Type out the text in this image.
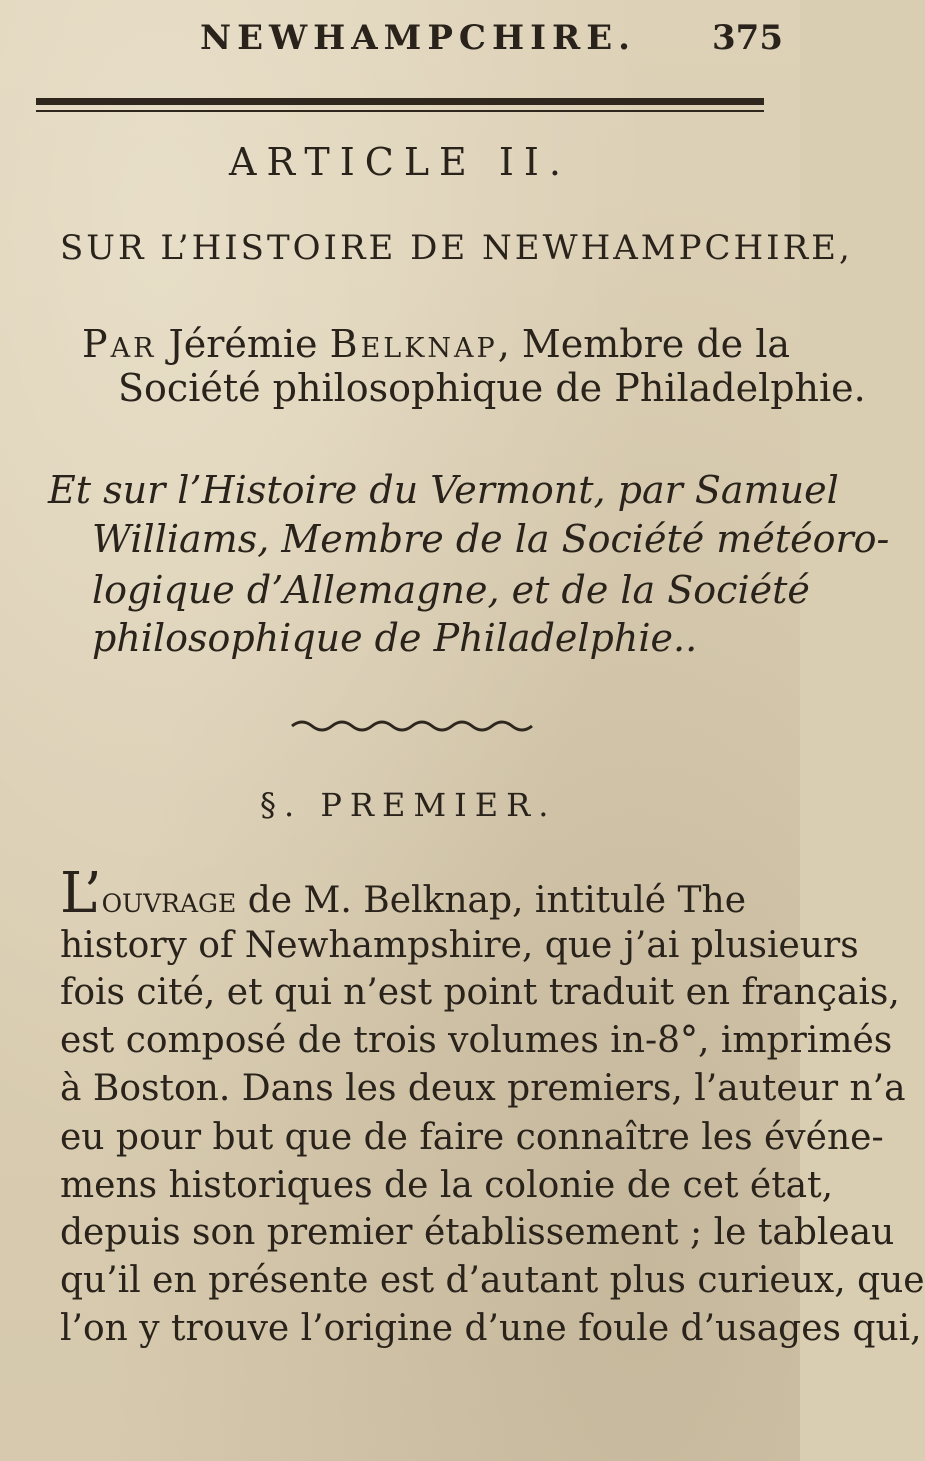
NEWHAMPCHIRE.	375
ARTICLE II.
SUR L’HISTOIRE DE NEWHAMPCHIRE,
Par Jérémie Belknap, Membre de la
Société philosophique de Philadelphie.
Et sur l’Histoire du Vermont, par Samuel
Williams, Membre de la Société météoro-
logique d’Allemagne, et de la Société
philosophique de Philadelphie..
§. PREMIER.
L’ouvrage de M. Belknap, intitulé The
history of Newhampshire, que j’ai plusieurs
fois cité, et qui n’est point traduit en français,
est composé de trois volumes in-8°, imprimés
à Boston. Dans les deux premiers, l’auteur n’a
eu pour but que de faire connaître les événe-
mens historiques de la colonie de cet état,
depuis son premier établissement ; le tableau
qu’il en présente est d’autant plus curieux, que
l’on y trouve l’origine d’une foule d’usages qui,
